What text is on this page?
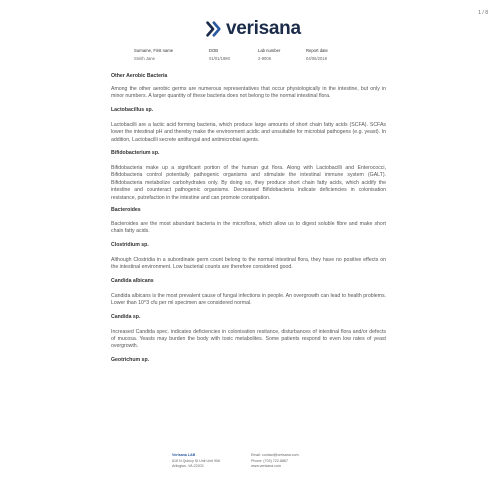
1 / 8
verisana
Surname, First name
Smith Jane
DOB
01/01/1980
Lab number
2-9006
Report date
04/06/2018
Other Aerobic Bacteria

Among the other aerobic germs are numerous representatives that occur physiologically in the intestine, but only in minor numbers. A larger quantity of these bacteria does not belong to the normal intestinal flora.

Lactobacillus sp.

Lactobacilli are a lactic acid forming bacteria, which produce large amounts of short chain fatty acids (SCFA). SCFAs lower the intestinal pH and thereby make the environment acidic and unsuitable for microbial pathogens (e.g. yeast). In addition, Lactobacilli secrete antifungal and antimicrobial agents.

Bifidobacterium sp.

Bifidobacteria make up a significant portion of the human gut flora. Along with Lactobacilli and Enterococci, Bifidobacteria control potentially pathogenic organisms and stimulate the intestinal immune system (GALT). Bifidobacteria metabolize carbohydrates only. By doing so, they produce short chain fatty acids, which acidify the intestine and counteract pathogenic organisms. Decreased Bifidobacteria indicate deficiencies in colonisation resistance, putrefaction in the intestine and can promote constipation.

Bacteroides

Bacteroides are the most abundant bacteria in the microflora, which allow us to digest soluble fibre and make short chain fatty acids.

Clostridium sp.

Although Clostridia in a subordinate germ count belong to the normal intestinal flora, they have no positive effects on the intestinal environment. Low bacterial counts are therefore considered good.

Candida albicans

Candida albicans is the most prevalent cause of fungal infections in people. An overgrowth can lead to health problems. Lower than 10^3 cfu per ml specimen are considered normal.

Candida sp.

Increased Candida spec. indicates deficiencies in colonisation resitance, disturbances of intestinal flora and/or defects of mucosa. Yeasts may burden the body with toxic metabolites. Some patients respond to even low rates of yeast overgrowth.

Geotrichum sp.
Verisana LAB
818 N Quincy St Unit Unit 906
Arlington, VA 22203
Email: contact@verisana.com
Phone: (703) 722-8867
www.verisana.com
